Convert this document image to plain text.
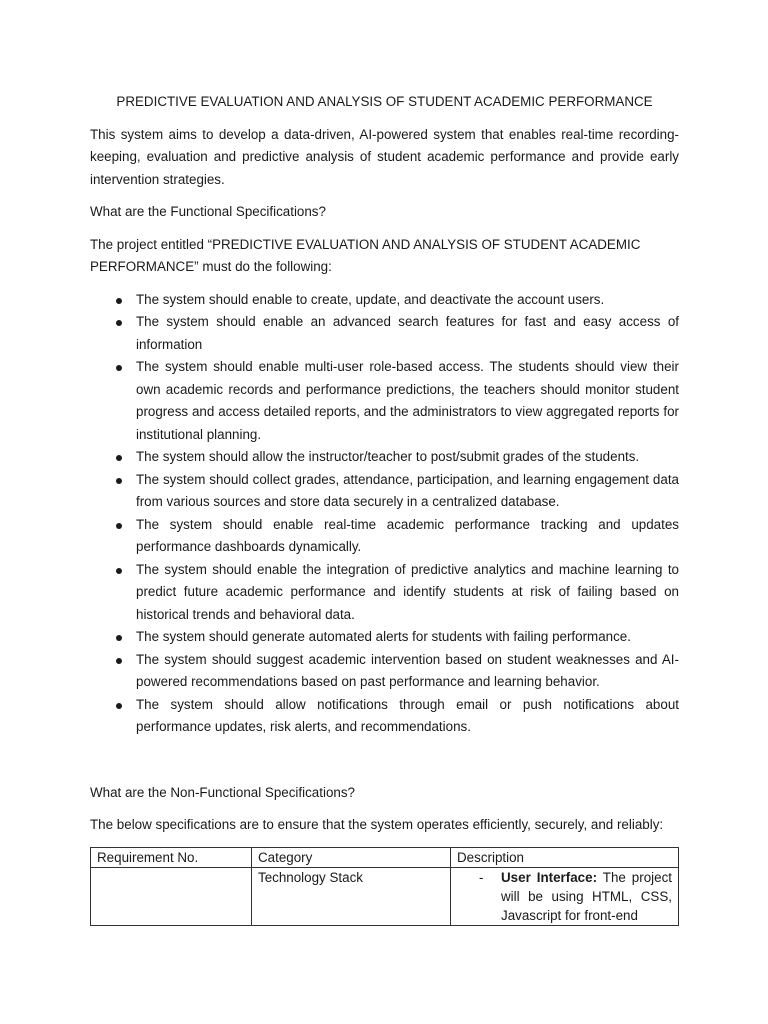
PREDICTIVE EVALUATION AND ANALYSIS OF STUDENT ACADEMIC PERFORMANCE

This system aims to develop a data-driven, AI-powered system that enables real-time recording-keeping, evaluation and predictive analysis of student academic performance and provide early intervention strategies.

What are the Functional Specifications?

The project entitled “PREDICTIVE EVALUATION AND ANALYSIS OF STUDENT ACADEMIC PERFORMANCE” must do the following:

The system should enable to create, update, and deactivate the account users.
The system should enable an advanced search features for fast and easy access of information
The system should enable multi-user role-based access. The students should view their own academic records and performance predictions, the teachers should monitor student progress and access detailed reports, and the administrators to view aggregated reports for institutional planning.
The system should allow the instructor/teacher to post/submit grades of the students.
The system should collect grades, attendance, participation, and learning engagement data from various sources and store data securely in a centralized database.
The system should enable real-time academic performance tracking and updates performance dashboards dynamically.
The system should enable the integration of predictive analytics and machine learning to predict future academic performance and identify students at risk of failing based on historical trends and behavioral data.
The system should generate automated alerts for students with failing performance.
The system should suggest academic intervention based on student weaknesses and AI-powered recommendations based on past performance and learning behavior.
The system should allow notifications through email or push notifications about performance updates, risk alerts, and recommendations.

What are the Non-Functional Specifications?

The below specifications are to ensure that the system operates efficiently, securely, and reliably:

Requirement No.	Category	Description
	Technology Stack	- User Interface: The project will be using HTML, CSS, Javascript for front-end
